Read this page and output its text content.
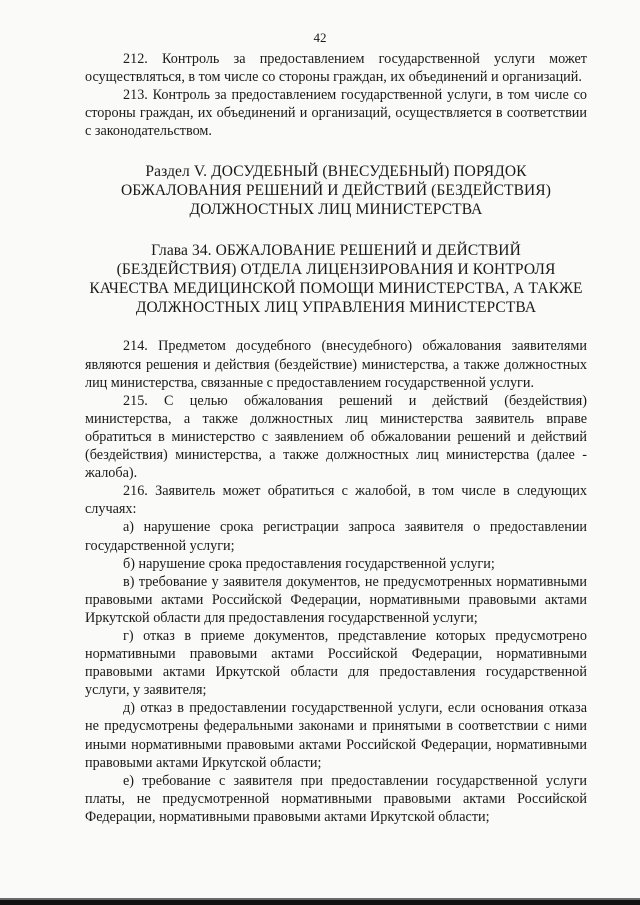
42

212. Контроль за предоставлением государственной услуги может осуществляться, в том числе со стороны граждан, их объединений и организаций.

213. Контроль за предоставлением государственной услуги, в том числе со стороны граждан, их объединений и организаций, осуществляется в соответствии с законодательством.

Раздел V. ДОСУДЕБНЫЙ (ВНЕСУДЕБНЫЙ) ПОРЯДОК

ОБЖАЛОВАНИЯ РЕШЕНИЙ И ДЕЙСТВИЙ (БЕЗДЕЙСТВИЯ)

ДОЛЖНОСТНЫХ ЛИЦ МИНИСТЕРСТВА

Глава 34. ОБЖАЛОВАНИЕ РЕШЕНИЙ И ДЕЙСТВИЙ

(БЕЗДЕЙСТВИЯ) ОТДЕЛА ЛИЦЕНЗИРОВАНИЯ И КОНТРОЛЯ

КАЧЕСТВА МЕДИЦИНСКОЙ ПОМОЩИ МИНИСТЕРСТВА, А ТАКЖЕ

ДОЛЖНОСТНЫХ ЛИЦ УПРАВЛЕНИЯ МИНИСТЕРСТВА

214. Предметом досудебного (внесудебного) обжалования заявителями являются решения и действия (бездействие) министерства, а также должностных лиц министерства, связанные с предоставлением государственной услуги.

215. С целью обжалования решений и действий (бездействия) министерства, а также должностных лиц министерства заявитель вправе обратиться в министерство с заявлением об обжаловании решений и действий (бездействия) министерства, а также должностных лиц министерства (далее - жалоба).

216. Заявитель может обратиться с жалобой, в том числе в следующих случаях:

а) нарушение срока регистрации запроса заявителя о предоставлении государственной услуги;

б) нарушение срока предоставления государственной услуги;

в) требование у заявителя документов, не предусмотренных нормативными правовыми актами Российской Федерации, нормативными правовыми актами Иркутской области для предоставления государственной услуги;

г) отказ в приеме документов, представление которых предусмотрено нормативными правовыми актами Российской Федерации, нормативными правовыми актами Иркутской области для предоставления государственной услуги, у заявителя;

д) отказ в предоставлении государственной услуги, если основания отказа не предусмотрены федеральными законами и принятыми в соответствии с ними иными нормативными правовыми актами Российской Федерации, нормативными правовыми актами Иркутской области;

е) требование с заявителя при предоставлении государственной услуги платы, не предусмотренной нормативными правовыми актами Российской Федерации, нормативными правовыми актами Иркутской области;
